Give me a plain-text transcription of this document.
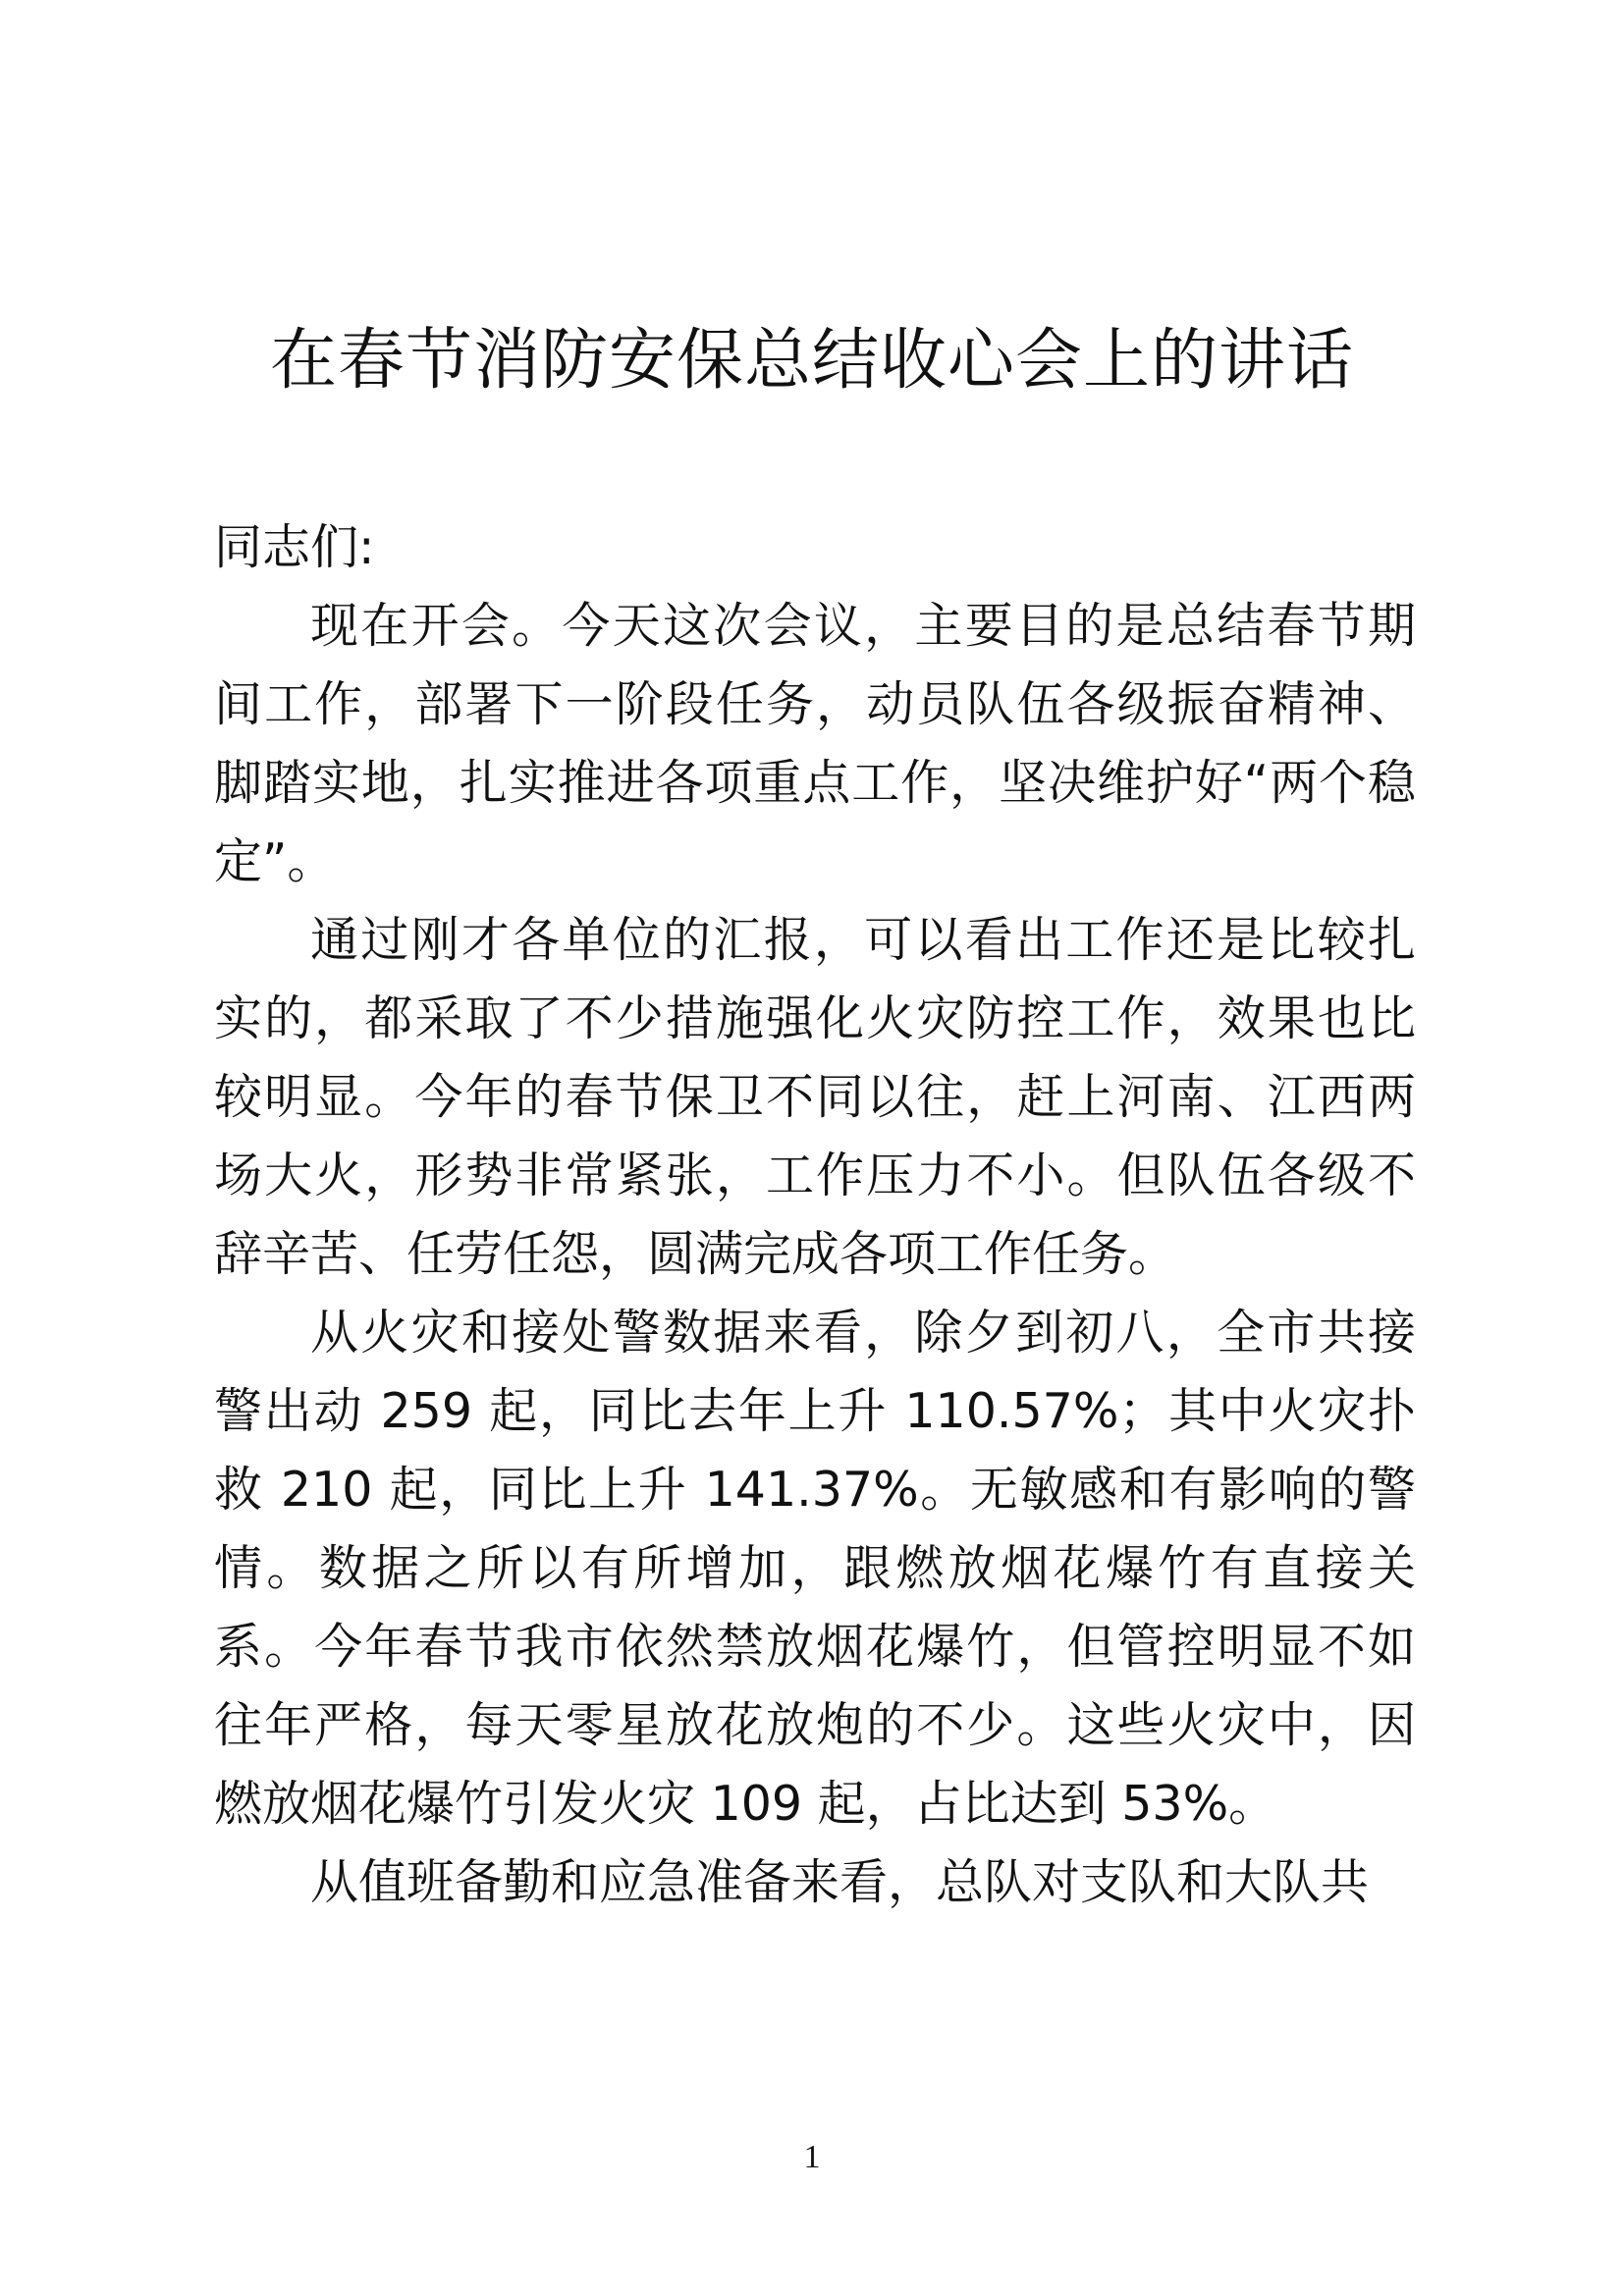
在春节消防安保总结收心会上的讲话

同志们:

现在开会。今天这次会议，主要目的是总结春节期间工作，部署下一阶段任务，动员队伍各级振奋精神、脚踏实地，扎实推进各项重点工作，坚决维护好“两个稳定”。

通过刚才各单位的汇报，可以看出工作还是比较扎实的，都采取了不少措施强化火灾防控工作，效果也比较明显。今年的春节保卫不同以往，赶上河南、江西两场大火，形势非常紧张，工作压力不小。但队伍各级不辞辛苦、任劳任怨，圆满完成各项工作任务。

从火灾和接处警数据来看，除夕到初八，全市共接警出动 259 起，同比去年上升 110.57%；其中火灾扑救 210 起，同比上升 141.37%。无敏感和有影响的警情。数据之所以有所增加，跟燃放烟花爆竹有直接关系。今年春节我市依然禁放烟花爆竹，但管控明显不如往年严格，每天零星放花放炮的不少。这些火灾中，因燃放烟花爆竹引发火灾 109 起，占比达到 53%。

从值班备勤和应急准备来看，总队对支队和大队共

1
